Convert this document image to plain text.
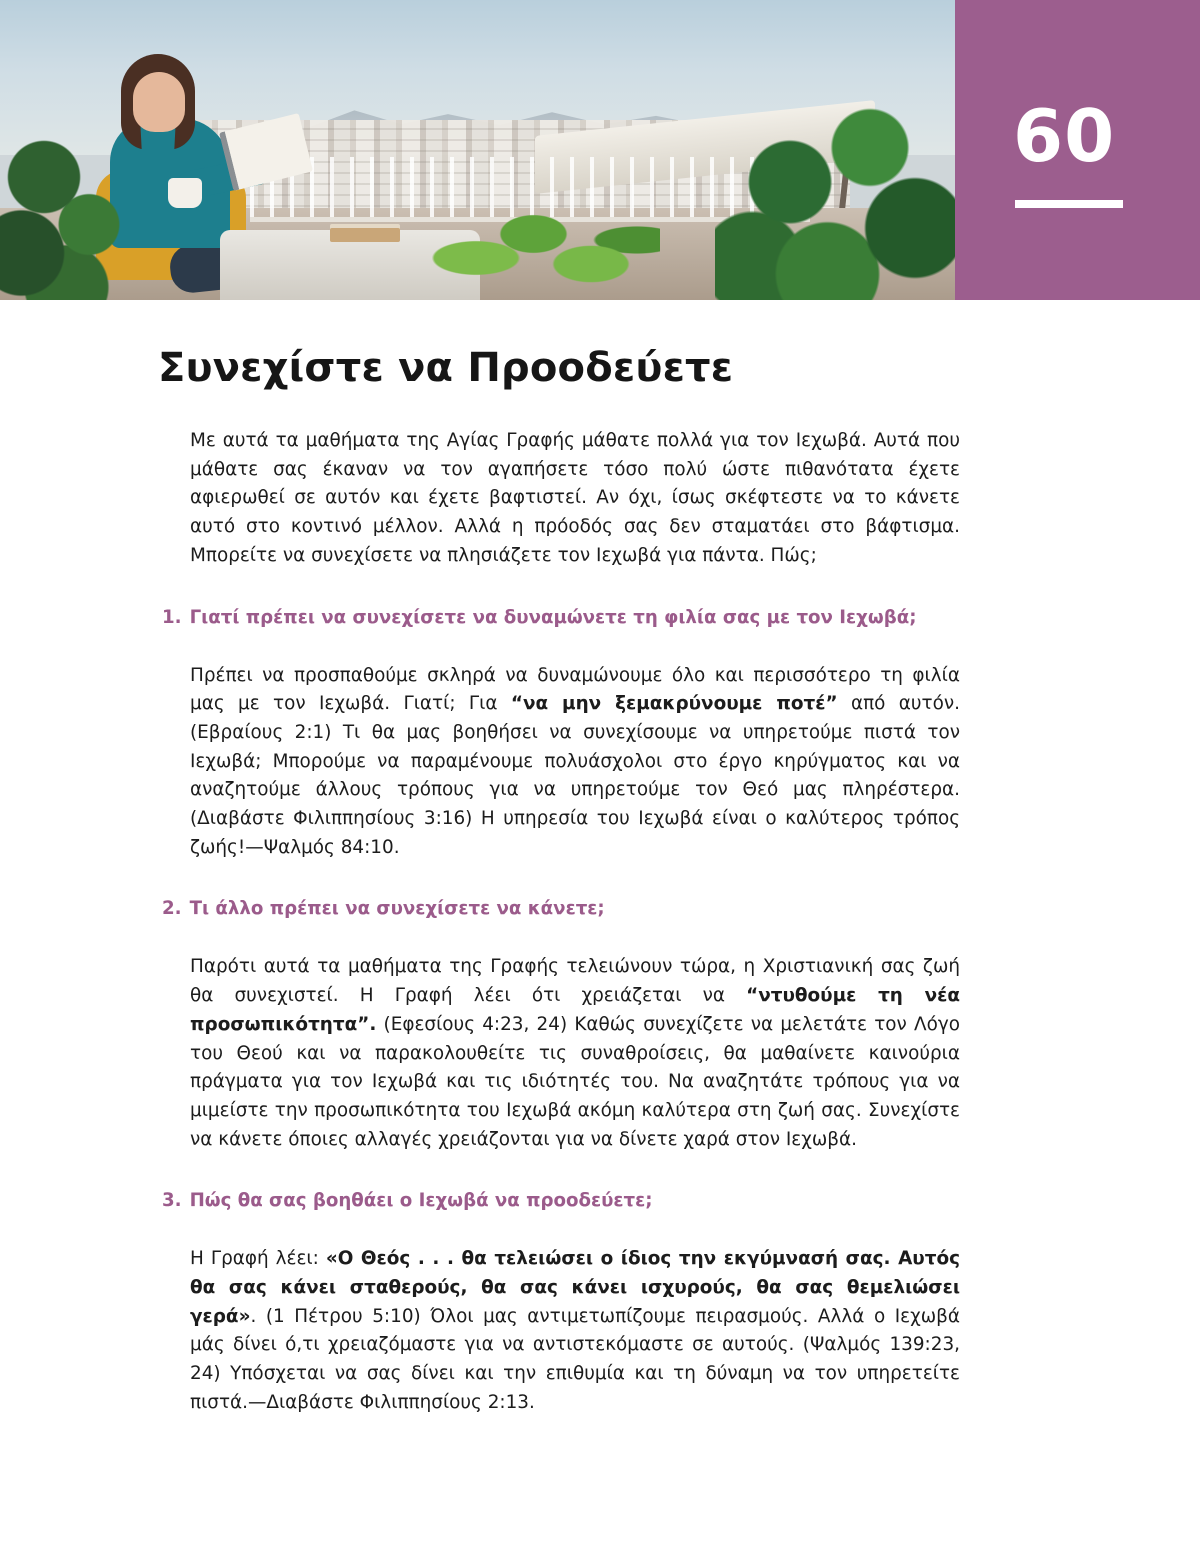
60
Συνεχίστε να Προοδεύετε

Με αυτά τα μαθήματα της Αγίας Γραφής μάθατε πολλά για τον Ιεχωβά. Αυτά που μάθατε σας έκαναν να τον αγαπήσετε τόσο πολύ ώστε πιθανότατα έχετε αφιερωθεί σε αυτόν και έχετε βαφτιστεί. Αν όχι, ίσως σκέφτεστε να το κάνετε αυτό στο κοντινό μέλλον. Αλλά η πρόοδός σας δεν σταματάει στο βάφτισμα. Μπορείτε να συνεχίσετε να πλησιάζετε τον Ιεχωβά για πάντα. Πώς;

1. Γιατί πρέπει να συνεχίσετε να δυναμώνετε τη φιλία σας με τον Ιεχωβά;

Πρέπει να προσπαθούμε σκληρά να δυναμώνουμε όλο και περισσότερο τη φιλία μας με τον Ιεχωβά. Γιατί; Για “να μην ξεμακρύνουμε ποτέ” από αυτόν. (Εβραίους 2:1) Τι θα μας βοηθήσει να συνεχίσουμε να υπηρετούμε πιστά τον Ιεχωβά; Μπορούμε να παραμένουμε πολυάσχολοι στο έργο κηρύγματος και να αναζητούμε άλλους τρόπους για να υπηρετούμε τον Θεό μας πληρέστερα. (Διαβάστε Φιλιππησίους 3:16) Η υπηρεσία του Ιεχωβά είναι ο καλύτερος τρόπος ζωής!—Ψαλμός 84:10.

2. Τι άλλο πρέπει να συνεχίσετε να κάνετε;

Παρότι αυτά τα μαθήματα της Γραφής τελειώνουν τώρα, η Χριστιανική σας ζωή θα συνεχιστεί. Η Γραφή λέει ότι χρειάζεται να “ντυθούμε τη νέα προσωπικότητα”. (Εφεσίους 4:23, 24) Καθώς συνεχίζετε να μελετάτε τον Λόγο του Θεού και να παρακολουθείτε τις συναθροίσεις, θα μαθαίνετε καινούρια πράγματα για τον Ιεχωβά και τις ιδιότητές του. Να αναζητάτε τρόπους για να μιμείστε την προσωπικότητα του Ιεχωβά ακόμη καλύτερα στη ζωή σας. Συνεχίστε να κάνετε όποιες αλλαγές χρειάζονται για να δίνετε χαρά στον Ιεχωβά.

3. Πώς θα σας βοηθάει ο Ιεχωβά να προοδεύετε;

Η Γραφή λέει: «Ο Θεός . . . θα τελειώσει ο ίδιος την εκγύμνασή σας. Αυτός θα σας κάνει σταθερούς, θα σας κάνει ισχυρούς, θα σας θεμελιώσει γερά». (1 Πέτρου 5:10) Όλοι μας αντιμετωπίζουμε πειρασμούς. Αλλά ο Ιεχωβά μάς δίνει ό,τι χρειαζόμαστε για να αντιστεκόμαστε σε αυτούς. (Ψαλμός 139:23, 24) Υπόσχεται να σας δίνει και την επιθυμία και τη δύναμη να τον υπηρετείτε πιστά.—Διαβάστε Φιλιππησίους 2:13.
